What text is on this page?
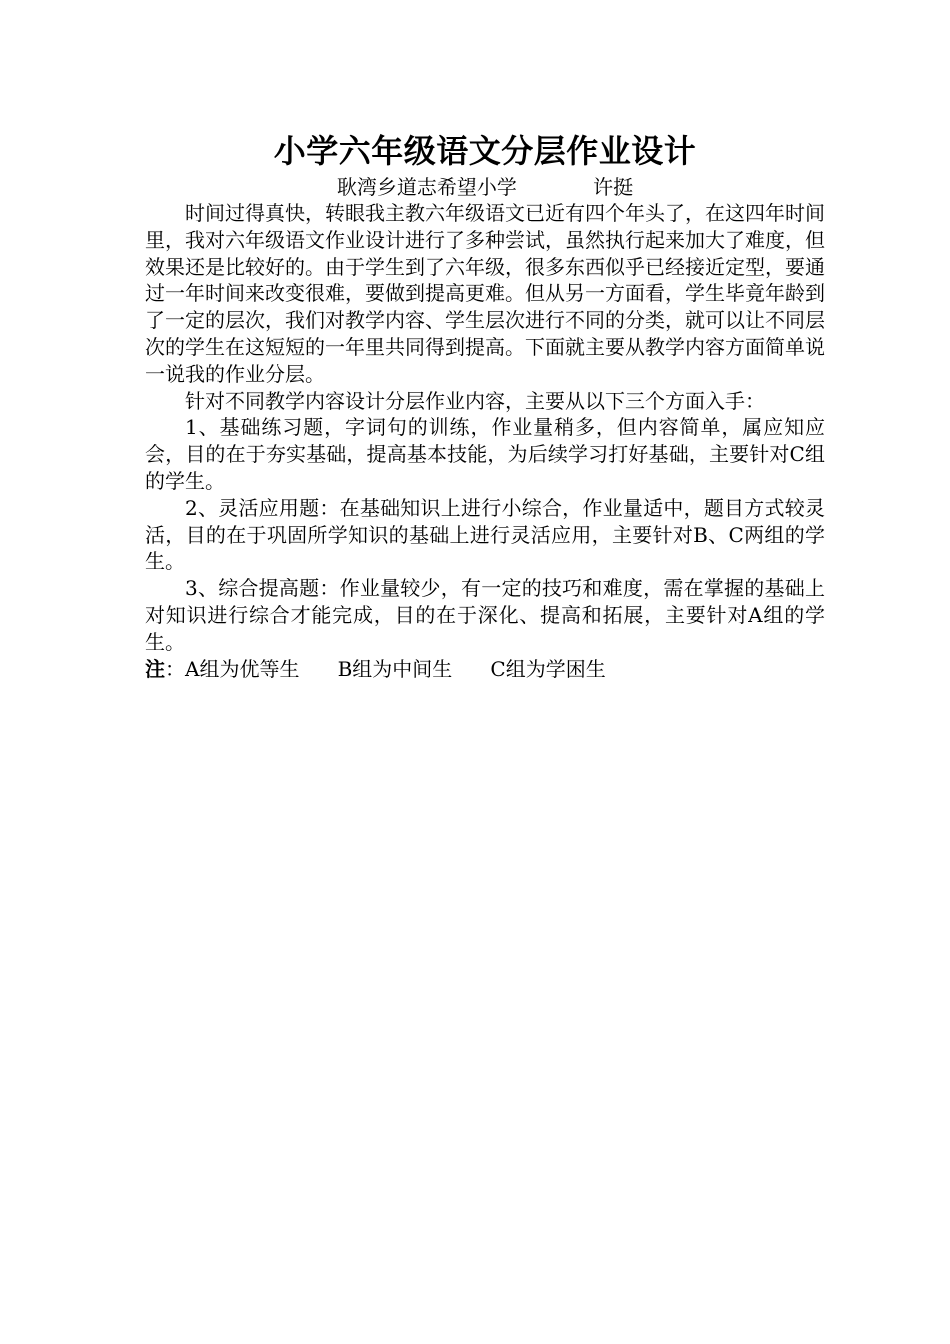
小学六年级语文分层作业设计

耿湾乡道志希望小学            许挺

时间过得真快，转眼我主教六年级语文已近有四个年头了，在这四年时间里，我对六年级语文作业设计进行了多种尝试，虽然执行起来加大了难度，但效果还是比较好的。由于学生到了六年级，很多东西似乎已经接近定型，要通过一年时间来改变很难，要做到提高更难。但从另一方面看，学生毕竟年龄到了一定的层次，我们对教学内容、学生层次进行不同的分类，就可以让不同层次的学生在这短短的一年里共同得到提高。下面就主要从教学内容方面简单说一说我的作业分层。

针对不同教学内容设计分层作业内容，主要从以下三个方面入手：

1、基础练习题，字词句的训练，作业量稍多，但内容简单，属应知应会，目的在于夯实基础，提高基本技能，为后续学习打好基础，主要针对C组的学生。

2、灵活应用题：在基础知识上进行小综合，作业量适中，题目方式较灵活，目的在于巩固所学知识的基础上进行灵活应用，主要针对B、C两组的学生。

3、综合提高题：作业量较少，有一定的技巧和难度，需在掌握的基础上对知识进行综合才能完成，目的在于深化、提高和拓展，主要针对A组的学生。

注：A组为优等生      B组为中间生      C组为学困生
